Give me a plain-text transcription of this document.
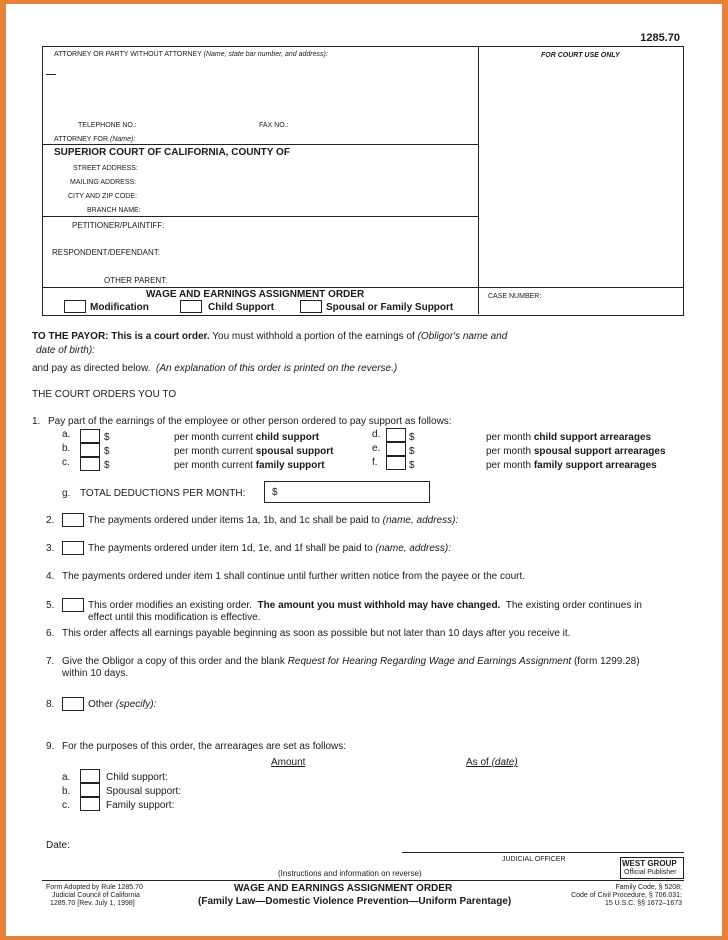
1285.70
ATTORNEY OR PARTY WITHOUT ATTORNEY (Name, state bar number, and address):	FOR COURT USE ONLY
TELEPHONE NO.:	FAX NO.:
ATTORNEY FOR (Name):
SUPERIOR COURT OF CALIFORNIA, COUNTY OF
STREET ADDRESS:
MAILING ADDRESS:
CITY AND ZIP CODE:
BRANCH NAME:
PETITIONER/PLAINTIFF:
RESPONDENT/DEFENDANT:
OTHER PARENT:
WAGE AND EARNINGS ASSIGNMENT ORDER
Modification	Child Support	Spousal or Family Support
CASE NUMBER:
TO THE PAYOR: This is a court order. You must withhold a portion of the earnings of (Obligor's name and
date of birth):
and pay as directed below. (An explanation of this order is printed on the reverse.)
THE COURT ORDERS YOU TO
1. Pay part of the earnings of the employee or other person ordered to pay support as follows:
a.	$	per month current child support	d.	$	per month child support arrearages
b.	$	per month current spousal support	e.	$	per month spousal support arrearages
c.	$	per month current family support	f.	$	per month family support arrearages
g. TOTAL DEDUCTIONS PER MONTH:	$
2.	The payments ordered under items 1a, 1b, and 1c shall be paid to (name, address):
3.	The payments ordered under item 1d, 1e, and 1f shall be paid to (name, address):
4. The payments ordered under item 1 shall continue until further written notice from the payee or the court.
5.	This order modifies an existing order. The amount you must withhold may have changed. The existing order continues in
effect until this modification is effective.
6. This order affects all earnings payable beginning as soon as possible but not later than 10 days after you receive it.
7. Give the Obligor a copy of this order and the blank Request for Hearing Regarding Wage and Earnings Assignment (form 1299.28)
within 10 days.
8.	Other (specify):
9. For the purposes of this order, the arrearages are set as follows:
Amount	As of (date)
a.	Child support:
b.	Spousal support:
c.	Family support:
Date:
JUDICIAL OFFICER
(Instructions and information on reverse)
Form Adopted by Rule 1285.70
Judicial Council of California
1285.70 [Rev. July 1, 1998]
WAGE AND EARNINGS ASSIGNMENT ORDER
(Family Law—Domestic Violence Prevention—Uniform Parentage)
WEST GROUP
Official Publisher
Family Code, § 5208;
Code of Civil Procedure, § 706.031;
15 U.S.C. §§ 1672–1673
